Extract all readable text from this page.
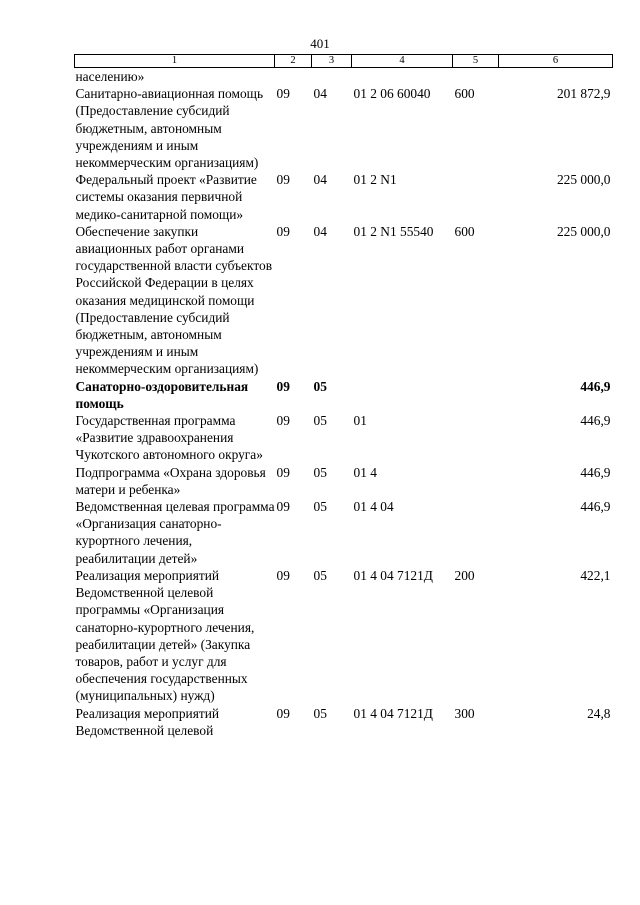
401
1	2	3	4	5	6
населению»					
Санитарно-авиационная помощь (Предоставление субсидий бюджетным, автономным учреждениям и иным некоммерческим организациям)	09	04	01 2 06 60040	600	201 872,9
Федеральный проект «Развитие системы оказания первичной медико-санитарной помощи»	09	04	01 2 N1		225 000,0
Обеспечение закупки авиационных работ органами государственной власти субъектов Российской Федерации в целях оказания медицинской помощи (Предоставление субсидий бюджетным, автономным учреждениям и иным некоммерческим организациям)	09	04	01 2 N1 55540	600	225 000,0
Санаторно-оздоровительная помощь	09	05			446,9
Государственная программа «Развитие здравоохранения Чукотского автономного округа»	09	05	01		446,9
Подпрограмма «Охрана здоровья матери и ребенка»	09	05	01 4		446,9
Ведомственная целевая программа «Организация санаторно-курортного лечения, реабилитации детей»	09	05	01 4 04		446,9
Реализация мероприятий Ведомственной целевой программы «Организация санаторно-курортного лечения, реабилитации детей» (Закупка товаров, работ и услуг для обеспечения государственных (муниципальных) нужд)	09	05	01 4 04 7121Д	200	422,1
Реализация мероприятий Ведомственной целевой	09	05	01 4 04 7121Д	300	24,8
